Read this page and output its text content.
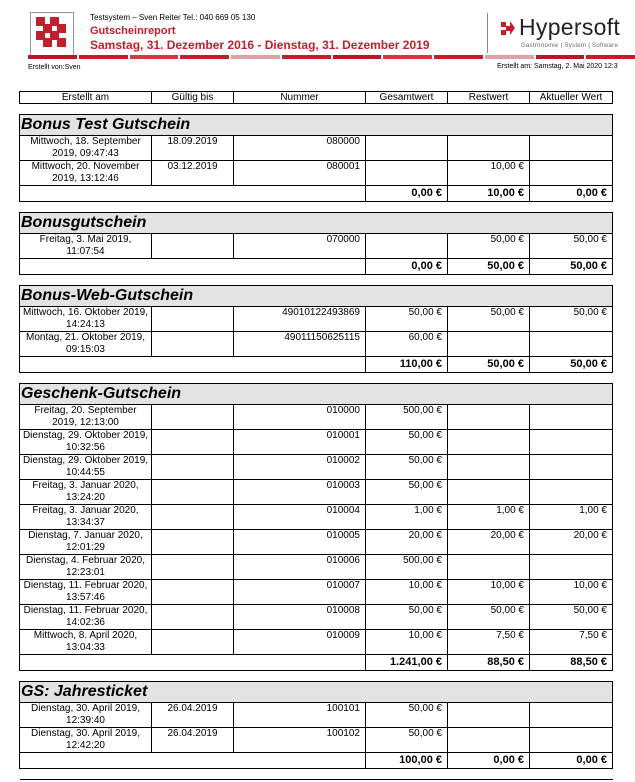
Testsystem – Sven Reiter Tel.: 040 669 05 130
Gutscheinreport
Samstag, 31. Dezember 2016 - Dienstag, 31. Dezember 2019
Hypersoft
Gastronomie | System | Software
Erstellt von:Sven	Erstellt am: Samstag, 2. Mai 2020 12:3
Erstellt am	Gültig bis	Nummer	Gesamtwert	Restwert	Aktueller Wert

Bonus Test Gutschein					
Mittwoch, 18. September 2019, 09:47:43	18.09.2019	080000			
Mittwoch, 20. November 2019, 13:12:46	03.12.2019	080001		10,00 €	
			0,00 €	10,00 €	0,00 €

Bonusgutschein					
Freitag, 3. Mai 2019, 11:07:54		070000		50,00 €	50,00 €
			0,00 €	50,00 €	50,00 €

Bonus-Web-Gutschein					
Mittwoch, 16. Oktober 2019, 14:24:13		49010122493869	50,00 €	50,00 €	50,00 €
Montag, 21. Oktober 2019, 09:15:03		49011150625115	60,00 €		
			110,00 €	50,00 €	50,00 €

Geschenk-Gutschein					
Freitag, 20. September 2019, 12:13:00		010000	500,00 €		
Dienstag, 29. Oktober 2019, 10:32:56		010001	50,00 €		
Dienstag, 29. Oktober 2019, 10:44:55		010002	50,00 €		
Freitag, 3. Januar 2020, 13:24:20		010003	50,00 €		
Freitag, 3. Januar 2020, 13:34:37		010004	1,00 €	1,00 €	1,00 €
Dienstag, 7. Januar 2020, 12:01:29		010005	20,00 €	20,00 €	20,00 €
Dienstag, 4. Februar 2020, 12:23:01		010006	500,00 €		
Dienstag, 11. Februar 2020, 13:57:46		010007	10,00 €	10,00 €	10,00 €
Dienstag, 11. Februar 2020, 14:02:36		010008	50,00 €	50,00 €	50,00 €
Mittwoch, 8. April 2020, 13:04:33		010009	10,00 €	7,50 €	7,50 €
			1.241,00 €	88,50 €	88,50 €

GS: Jahresticket					
Dienstag, 30. April 2019, 12:39:40	26.04.2019	100101	50,00 €		
Dienstag, 30. April 2019, 12:42:20	26.04.2019	100102	50,00 €		
			100,00 €	0,00 €	0,00 €
